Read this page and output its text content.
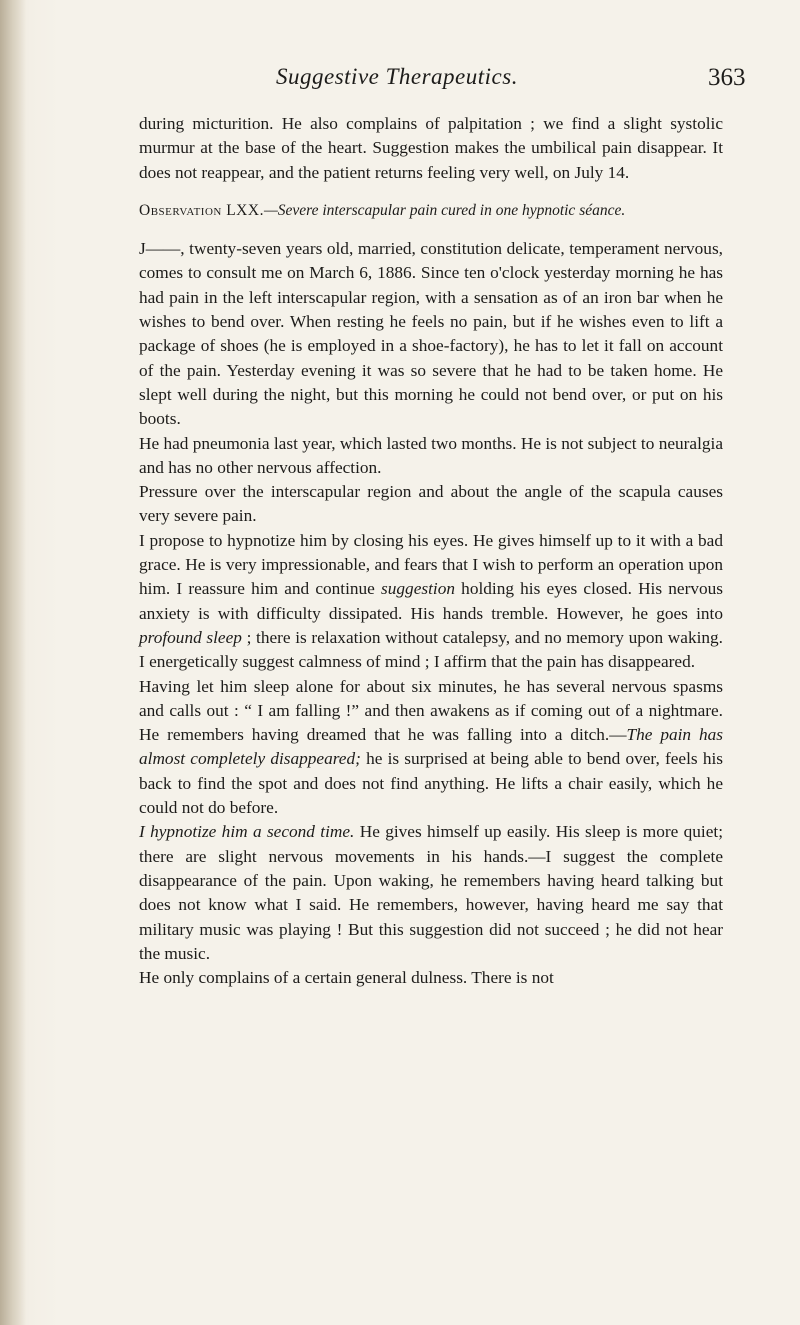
Suggestive Therapeutics.	363

during micturition. He also complains of palpitation ; we find a slight systolic murmur at the base of the heart. Suggestion makes the umbilical pain disappear. It does not reappear, and the patient returns feeling very well, on July 14.

Observation LXX.—Severe interscapular pain cured in one hypnotic séance.

J——, twenty-seven years old, married, constitution delicate, temperament nervous, comes to consult me on March 6, 1886. Since ten o'clock yesterday morning he has had pain in the left interscapular region, with a sensation as of an iron bar when he wishes to bend over. When resting he feels no pain, but if he wishes even to lift a package of shoes (he is employed in a shoe-factory), he has to let it fall on account of the pain. Yesterday evening it was so severe that he had to be taken home. He slept well during the night, but this morning he could not bend over, or put on his boots.

He had pneumonia last year, which lasted two months. He is not subject to neuralgia and has no other nervous affection.

Pressure over the interscapular region and about the angle of the scapula causes very severe pain.

I propose to hypnotize him by closing his eyes. He gives himself up to it with a bad grace. He is very impressionable, and fears that I wish to perform an operation upon him. I reassure him and continue suggestion holding his eyes closed. His nervous anxiety is with difficulty dissipated. His hands tremble. However, he goes into profound sleep ; there is relaxation without catalepsy, and no memory upon waking. I energetically suggest calmness of mind ; I affirm that the pain has disappeared.

Having let him sleep alone for about six minutes, he has several nervous spasms and calls out : “ I am falling !” and then awakens as if coming out of a nightmare. He remembers having dreamed that he was falling into a ditch.—The pain has almost completely disappeared; he is surprised at being able to bend over, feels his back to find the spot and does not find anything. He lifts a chair easily, which he could not do before.

I hypnotize him a second time. He gives himself up easily. His sleep is more quiet; there are slight nervous movements in his hands.—I suggest the complete disappearance of the pain. Upon waking, he remembers having heard talking but does not know what I said. He remembers, however, having heard me say that military music was playing ! But this suggestion did not succeed ; he did not hear the music.

He only complains of a certain general dulness. There is not
